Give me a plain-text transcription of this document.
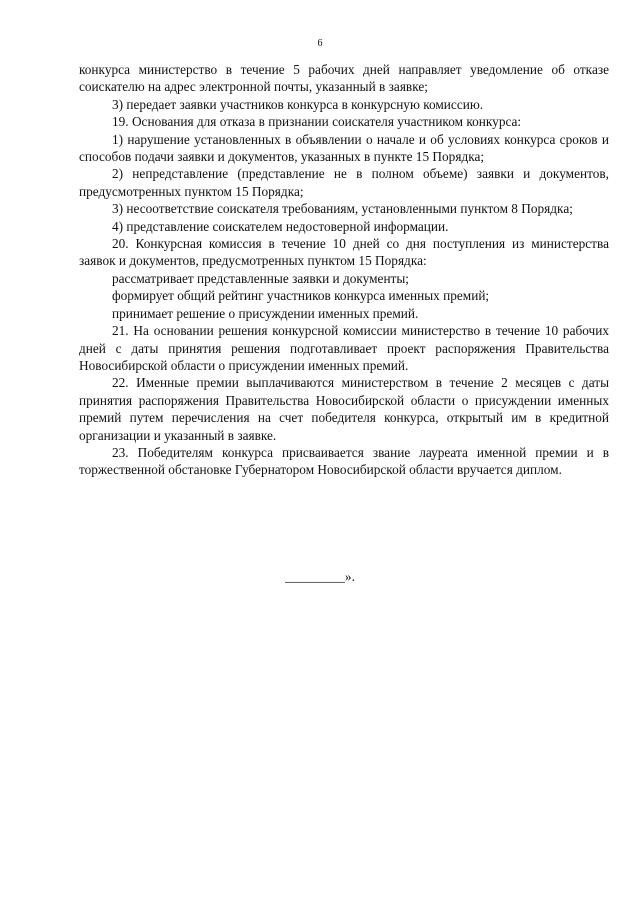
6

конкурса министерство в течение 5 рабочих дней направляет уведомление об отказе соискателю на адрес электронной почты, указанный в заявке;

3) передает заявки участников конкурса в конкурсную комиссию.

19. Основания для отказа в признании соискателя участником конкурса:

1) нарушение установленных в объявлении о начале и об условиях конкурса сроков и способов подачи заявки и документов, указанных в пункте 15 Порядка;

2) непредставление (представление не в полном объеме) заявки и документов, предусмотренных пунктом 15 Порядка;

3) несоответствие соискателя требованиям, установленными пунктом 8 Порядка;

4) представление соискателем недостоверной информации.

20. Конкурсная комиссия в течение 10 дней со дня поступления из министерства заявок и документов, предусмотренных пунктом 15 Порядка:

рассматривает представленные заявки и документы;

формирует общий рейтинг участников конкурса именных премий;

принимает решение о присуждении именных премий.

21. На основании решения конкурсной комиссии министерство в течение 10 рабочих дней с даты принятия решения подготавливает проект распоряжения Правительства Новосибирской области о присуждении именных премий.

22. Именные премии выплачиваются министерством в течение 2 месяцев с даты принятия распоряжения Правительства Новосибирской области о присуждении именных премий путем перечисления на счет победителя конкурса, открытый им в кредитной организации и указанный в заявке.

23. Победителям конкурса присваивается звание лауреата именной премии и в торжественной обстановке Губернатором Новосибирской области вручается диплом.

_________».
